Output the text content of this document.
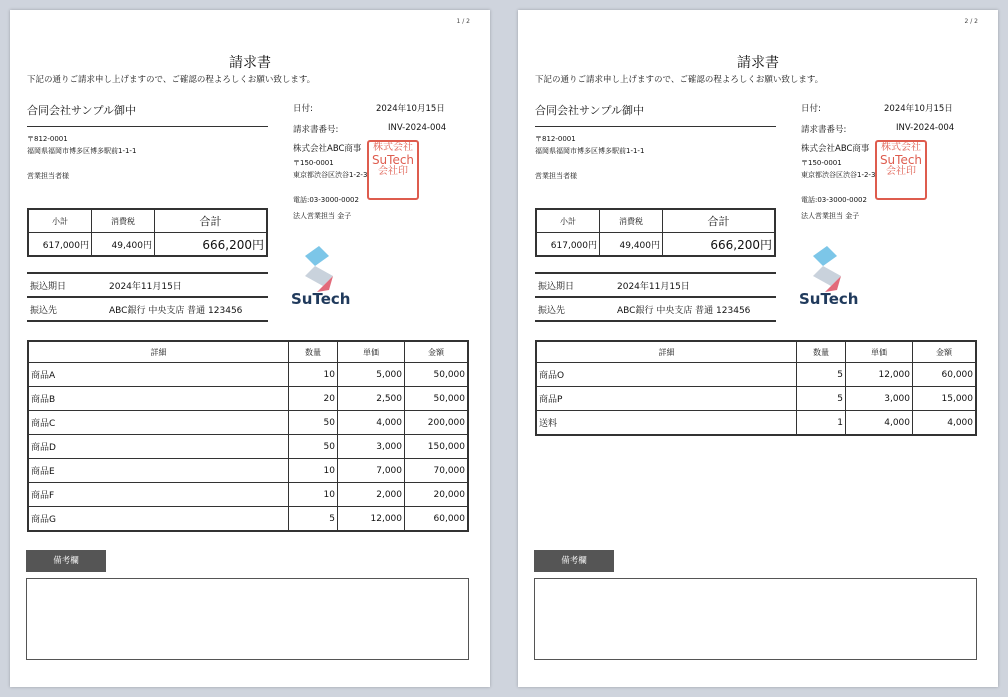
1 / 2
請求書
下記の通りご請求申し上げますので、ご確認の程よろしくお願い致します。
合同会社サンプル御中
〒812-0001
福岡県福岡市博多区博多駅前1-1-1
営業担当者様
日付:	2024年10月15日
請求書番号:	INV-2024-004
株式会社ABC商事
〒150-0001
東京都渋谷区渋谷1-2-3
電話:03-3000-0002
法人営業担当 金子
株式会社
SuTech
会社印
SuTech
小計	消費税	合計
617,000円	49,400円	666,200円
振込期日	2024年11月15日
振込先	ABC銀行 中央支店 普通 123456
詳細	数量	単価	金額
商品A	10	5,000	50,000
商品B	20	2,500	50,000
商品C	50	4,000	200,000
商品D	50	3,000	150,000
商品E	10	7,000	70,000
商品F	10	2,000	20,000
商品G	5	12,000	60,000
備考欄
2 / 2
請求書
下記の通りご請求申し上げますので、ご確認の程よろしくお願い致します。
合同会社サンプル御中
〒812-0001
福岡県福岡市博多区博多駅前1-1-1
営業担当者様
日付:	2024年10月15日
請求書番号:	INV-2024-004
株式会社ABC商事
〒150-0001
東京都渋谷区渋谷1-2-3
電話:03-3000-0002
法人営業担当 金子
株式会社
SuTech
会社印
SuTech
小計	消費税	合計
617,000円	49,400円	666,200円
振込期日	2024年11月15日
振込先	ABC銀行 中央支店 普通 123456
詳細	数量	単価	金額
商品O	5	12,000	60,000
商品P	5	3,000	15,000
送料	1	4,000	4,000
備考欄
